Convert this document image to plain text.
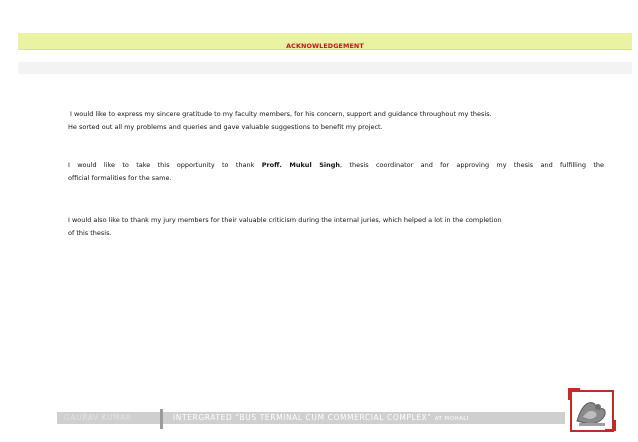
ACKNOWLEDGEMENT
I would like to express my sincere gratitude to my faculty members, for his concern, support and guidance throughout my thesis.
He sorted out all my problems and queries and gave valuable suggestions to benefit my project.
I would like to take this opportunity to thank Proff. Mukul Singh, thesis coordinator and for approving my thesis and fulfilling the
official formalities for the same.
I would also like to thank my jury members for their valuable criticism during the internal juries, which helped a lot in the completion
of this thesis.
GAURAV KUMAR	INTERGRATED “BUS TERMINAL CUM COMMERCIAL COMPLEX” AT MOHALI
